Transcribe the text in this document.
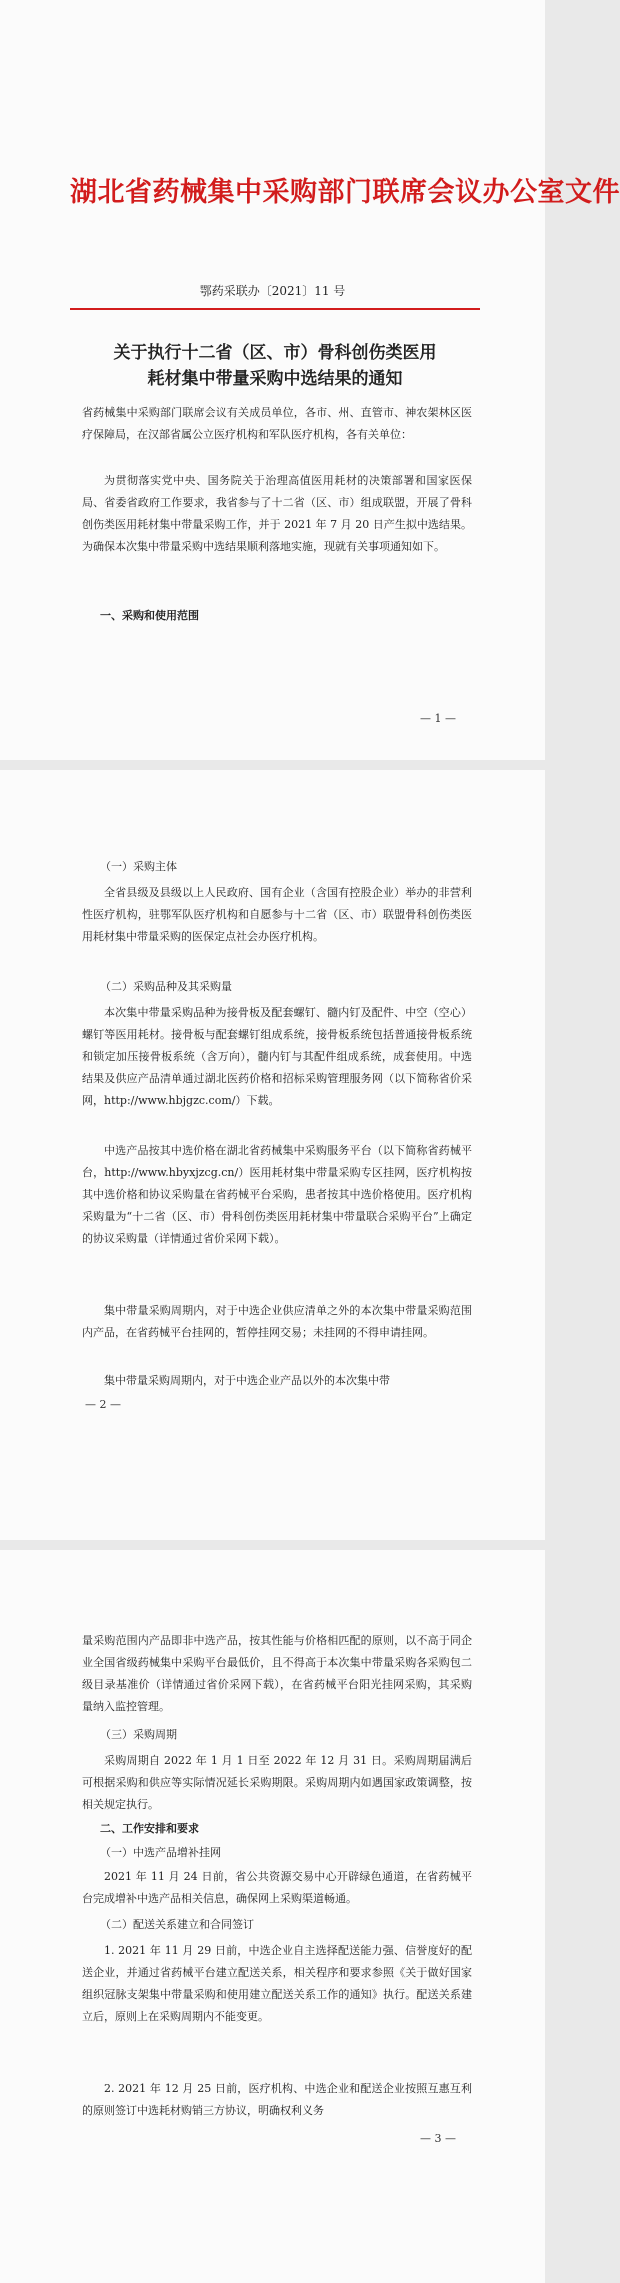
湖北省药械集中采购部门联席会议办公室文件
鄂药采联办〔2021〕11 号
关于执行十二省（区、市）骨科创伤类医用
耗材集中带量采购中选结果的通知

省药械集中采购部门联席会议有关成员单位，各市、州、直管市、神农架林区医疗保障局，在汉部省属公立医疗机构和军队医疗机构，各有关单位：

为贯彻落实党中央、国务院关于治理高值医用耗材的决策部署和国家医保局、省委省政府工作要求，我省参与了十二省（区、市）组成联盟，开展了骨科创伤类医用耗材集中带量采购工作，并于 2021 年 7 月 20 日产生拟中选结果。为确保本次集中带量采购中选结果顺利落地实施，现就有关事项通知如下。

一、采购和使用范围
— 1 —
（一）采购主体

全省县级及县级以上人民政府、国有企业（含国有控股企业）举办的非营利性医疗机构，驻鄂军队医疗机构和自愿参与十二省（区、市）联盟骨科创伤类医用耗材集中带量采购的医保定点社会办医疗机构。

（二）采购品种及其采购量

本次集中带量采购品种为接骨板及配套螺钉、髓内钉及配件、中空（空心）螺钉等医用耗材。接骨板与配套螺钉组成系统，接骨板系统包括普通接骨板系统和锁定加压接骨板系统（含万向），髓内钉与其配件组成系统，成套使用。中选结果及供应产品清单通过湖北医药价格和招标采购管理服务网（以下简称省价采网，http://www.hbjgzc.com/）下载。

中选产品按其中选价格在湖北省药械集中采购服务平台（以下简称省药械平台，http://www.hbyxjzcg.cn/）医用耗材集中带量采购专区挂网，医疗机构按其中选价格和协议采购量在省药械平台采购，患者按其中选价格使用。医疗机构采购量为“十二省（区、市）骨科创伤类医用耗材集中带量联合采购平台”上确定的协议采购量（详情通过省价采网下载）。

集中带量采购周期内，对于中选企业供应清单之外的本次集中带量采购范围内产品，在省药械平台挂网的，暂停挂网交易；未挂网的不得申请挂网。

集中带量采购周期内，对于中选企业产品以外的本次集中带

— 2 —

量采购范围内产品即非中选产品，按其性能与价格相匹配的原则，以不高于同企业全国省级药械集中采购平台最低价，且不得高于本次集中带量采购各采购包二级目录基准价（详情通过省价采网下载），在省药械平台阳光挂网采购，其采购量纳入监控管理。

（三）采购周期

采购周期自 2022 年 1 月 1 日至 2022 年 12 月 31 日。采购周期届满后可根据采购和供应等实际情况延长采购期限。采购周期内如遇国家政策调整，按相关规定执行。

二、工作安排和要求
（一）中选产品增补挂网

2021 年 11 月 24 日前，省公共资源交易中心开辟绿色通道，在省药械平台完成增补中选产品相关信息，确保网上采购渠道畅通。

（二）配送关系建立和合同签订

1. 2021 年 11 月 29 日前，中选企业自主选择配送能力强、信誉度好的配送企业，并通过省药械平台建立配送关系，相关程序和要求参照《关于做好国家组织冠脉支架集中带量采购和使用建立配送关系工作的通知》执行。配送关系建立后，原则上在采购周期内不能变更。

2. 2021 年 12 月 25 日前，医疗机构、中选企业和配送企业按照互惠互利的原则签订中选耗材购销三方协议，明确权利义务

— 3 —
